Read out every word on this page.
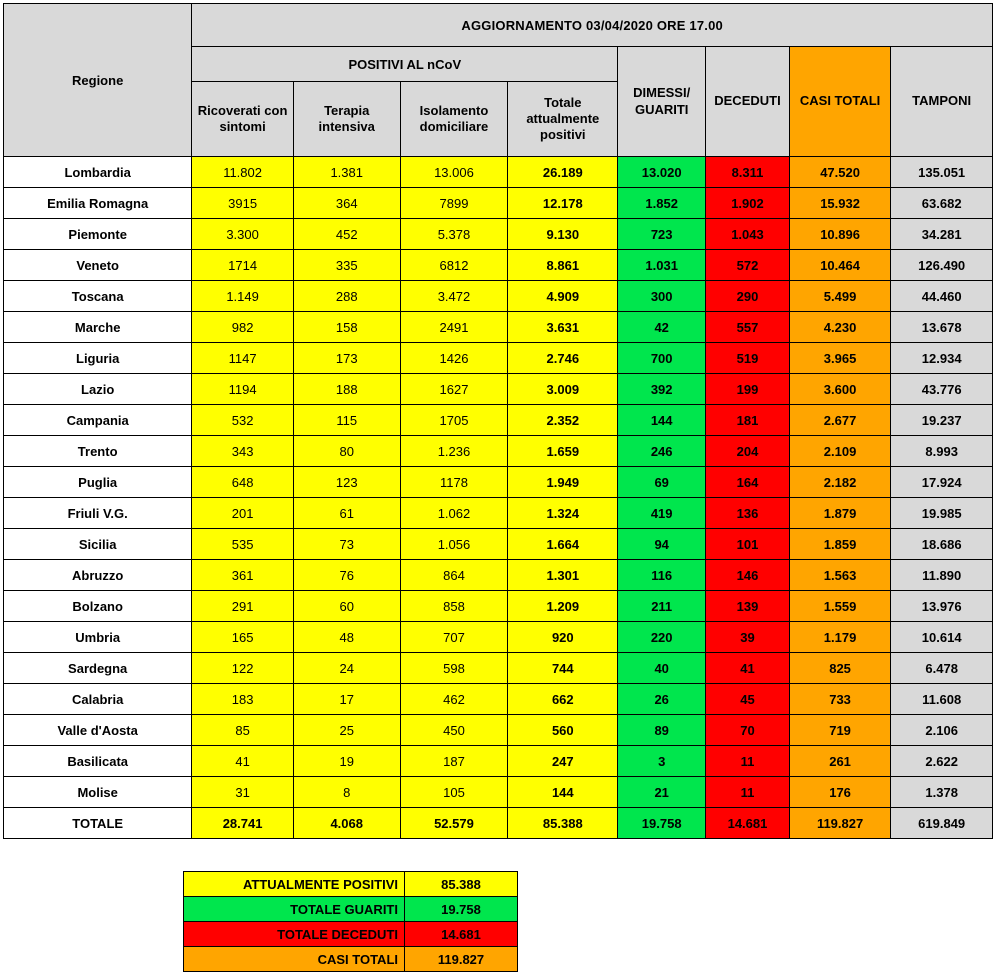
Regione	AGGIORNAMENTO 03/04/2020 ORE 17.00							
	POSITIVI AL nCoV				DIMESSI/ GUARITI	DECEDUTI	CASI TOTALI	TAMPONI
	Ricoverati con sintomi	Terapia intensiva	Isolamento domiciliare	Totale attualmente positivi				
Lombardia	11.802	1.381	13.006	26.189	13.020	8.311	47.520	135.051
Emilia Romagna	3915	364	7899	12.178	1.852	1.902	15.932	63.682
Piemonte	3.300	452	5.378	9.130	723	1.043	10.896	34.281
Veneto	1714	335	6812	8.861	1.031	572	10.464	126.490
Toscana	1.149	288	3.472	4.909	300	290	5.499	44.460
Marche	982	158	2491	3.631	42	557	4.230	13.678
Liguria	1147	173	1426	2.746	700	519	3.965	12.934
Lazio	1194	188	1627	3.009	392	199	3.600	43.776
Campania	532	115	1705	2.352	144	181	2.677	19.237
Trento	343	80	1.236	1.659	246	204	2.109	8.993
Puglia	648	123	1178	1.949	69	164	2.182	17.924
Friuli V.G.	201	61	1.062	1.324	419	136	1.879	19.985
Sicilia	535	73	1.056	1.664	94	101	1.859	18.686
Abruzzo	361	76	864	1.301	116	146	1.563	11.890
Bolzano	291	60	858	1.209	211	139	1.559	13.976
Umbria	165	48	707	920	220	39	1.179	10.614
Sardegna	122	24	598	744	40	41	825	6.478
Calabria	183	17	462	662	26	45	733	11.608
Valle d'Aosta	85	25	450	560	89	70	719	2.106
Basilicata	41	19	187	247	3	11	261	2.622
Molise	31	8	105	144	21	11	176	1.378
TOTALE	28.741	4.068	52.579	85.388	19.758	14.681	119.827	619.849
ATTUALMENTE POSITIVI	85.388
TOTALE GUARITI	19.758
TOTALE DECEDUTI	14.681
CASI TOTALI	119.827
